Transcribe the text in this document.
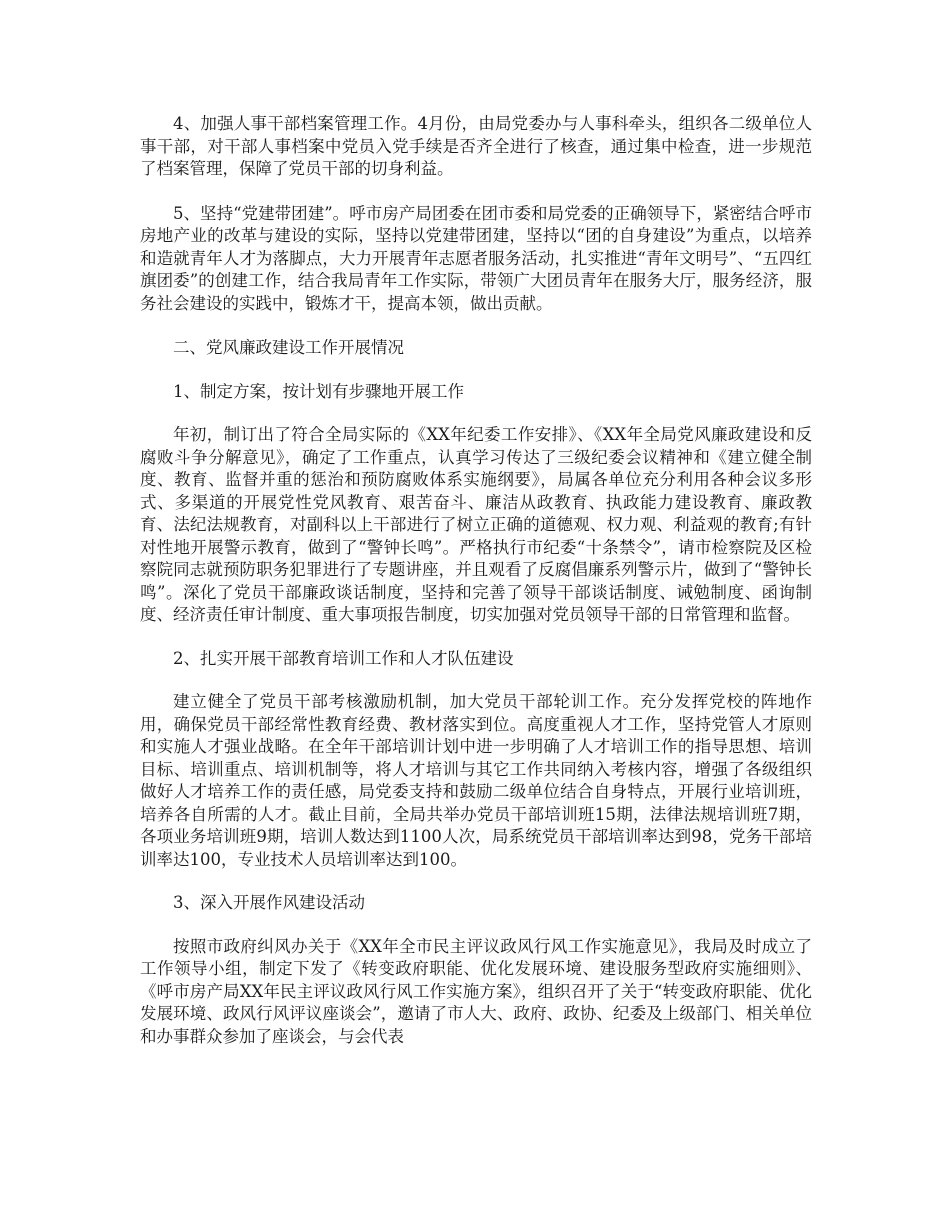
4、加强人事干部档案管理工作。4月份，由局党委办与人事科牵头，组织各二级单位人事干部，对干部人事档案中党员入党手续是否齐全进行了核查，通过集中检查，进一步规范了档案管理，保障了党员干部的切身利益。

5、坚持“党建带团建”。呼市房产局团委在团市委和局党委的正确领导下，紧密结合呼市房地产业的改革与建设的实际，坚持以党建带团建，坚持以“团的自身建设”为重点，以培养和造就青年人才为落脚点，大力开展青年志愿者服务活动，扎实推进“青年文明号”、“五四红旗团委”的创建工作，结合我局青年工作实际，带领广大团员青年在服务大厅，服务经济，服务社会建设的实践中，锻炼才干，提高本领，做出贡献。

二、党风廉政建设工作开展情况

1、制定方案，按计划有步骤地开展工作

年初，制订出了符合全局实际的《XX年纪委工作安排》、《XX年全局党风廉政建设和反腐败斗争分解意见》，确定了工作重点，认真学习传达了三级纪委会议精神和《建立健全制度、教育、监督并重的惩治和预防腐败体系实施纲要》，局属各单位充分利用各种会议多形式、多渠道的开展党性党风教育、艰苦奋斗、廉洁从政教育、执政能力建设教育、廉政教育、法纪法规教育，对副科以上干部进行了树立正确的道德观、权力观、利益观的教育;有针对性地开展警示教育，做到了“警钟长鸣”。严格执行市纪委“十条禁令”，请市检察院及区检察院同志就预防职务犯罪进行了专题讲座，并且观看了反腐倡廉系列警示片，做到了“警钟长鸣”。深化了党员干部廉政谈话制度，坚持和完善了领导干部谈话制度、诫勉制度、函询制度、经济责任审计制度、重大事项报告制度，切实加强对党员领导干部的日常管理和监督。

2、扎实开展干部教育培训工作和人才队伍建设

建立健全了党员干部考核激励机制，加大党员干部轮训工作。充分发挥党校的阵地作用，确保党员干部经常性教育经费、教材落实到位。高度重视人才工作，坚持党管人才原则和实施人才强业战略。在全年干部培训计划中进一步明确了人才培训工作的指导思想、培训目标、培训重点、培训机制等，将人才培训与其它工作共同纳入考核内容，增强了各级组织做好人才培养工作的责任感，局党委支持和鼓励二级单位结合自身特点，开展行业培训班，培养各自所需的人才。截止目前，全局共举办党员干部培训班15期，法律法规培训班7期，各项业务培训班9期，培训人数达到1100人次，局系统党员干部培训率达到98，党务干部培训率达100，专业技术人员培训率达到100。

3、深入开展作风建设活动

按照市政府纠风办关于《XX年全市民主评议政风行风工作实施意见》，我局及时成立了工作领导小组，制定下发了《转变政府职能、优化发展环境、建设服务型政府实施细则》、《呼市房产局XX年民主评议政风行风工作实施方案》，组织召开了关于“转变政府职能、优化发展环境、政风行风评议座谈会”，邀请了市人大、政府、政协、纪委及上级部门、相关单位和办事群众参加了座谈会，与会代表
